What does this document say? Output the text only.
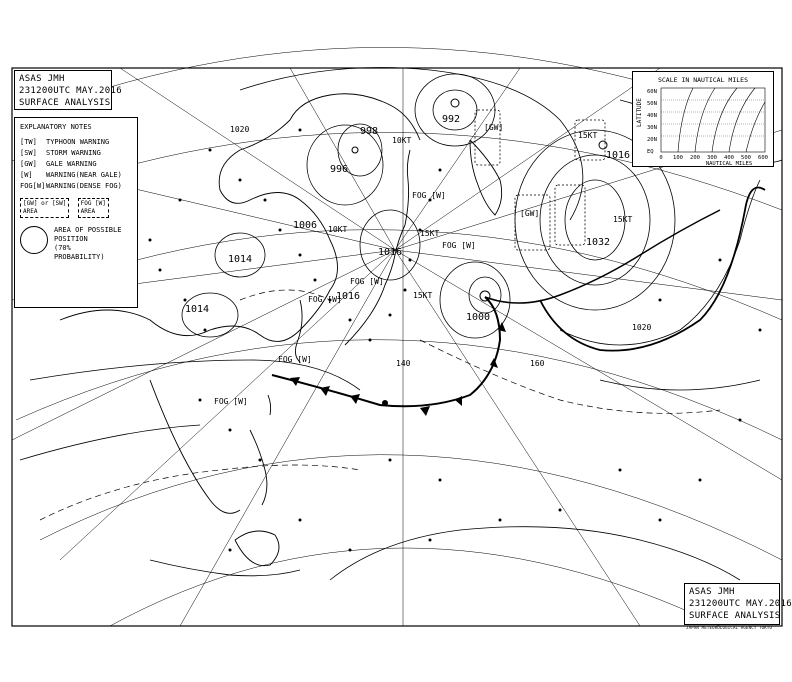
998
996
992
1006
1000
1014
1016
1016
1014
1032
1016
10KT
10KT	15KT
15KT
15KT
15KT
FOG [W]
FOG [W]
FOG [W]
FOG [W]
FOG [W]
FOG [W]
[GW]
[GW]
1020
1020
140	160
ASAS JMH
231200UTC MAY.2016
SURFACE ANALYSIS
EXPLANATORY NOTES
[TW]	TYPHOON WARNING
[SW]	STORM WARNING
[GW]	GALE WARNING
[W]	WARNING(NEAR GALE)
FOG[W] WARNING(DENSE FOG)
[GW] or [SW]
AREA FOG [W]
AREA
AREA OF POSSIBLE POSITION
(70% PROBABILITY)
SCALE IN NAUTICAL MILES
LATITUDE
60N
50N
40N
30N
20N
EQ
0 100 200 300 400 500 600
NAUTICAL MILES
ASAS JMH
231200UTC MAY.2016
SURFACE ANALYSIS
JAPAN METEOROLOGICAL AGENCY TOKYO
